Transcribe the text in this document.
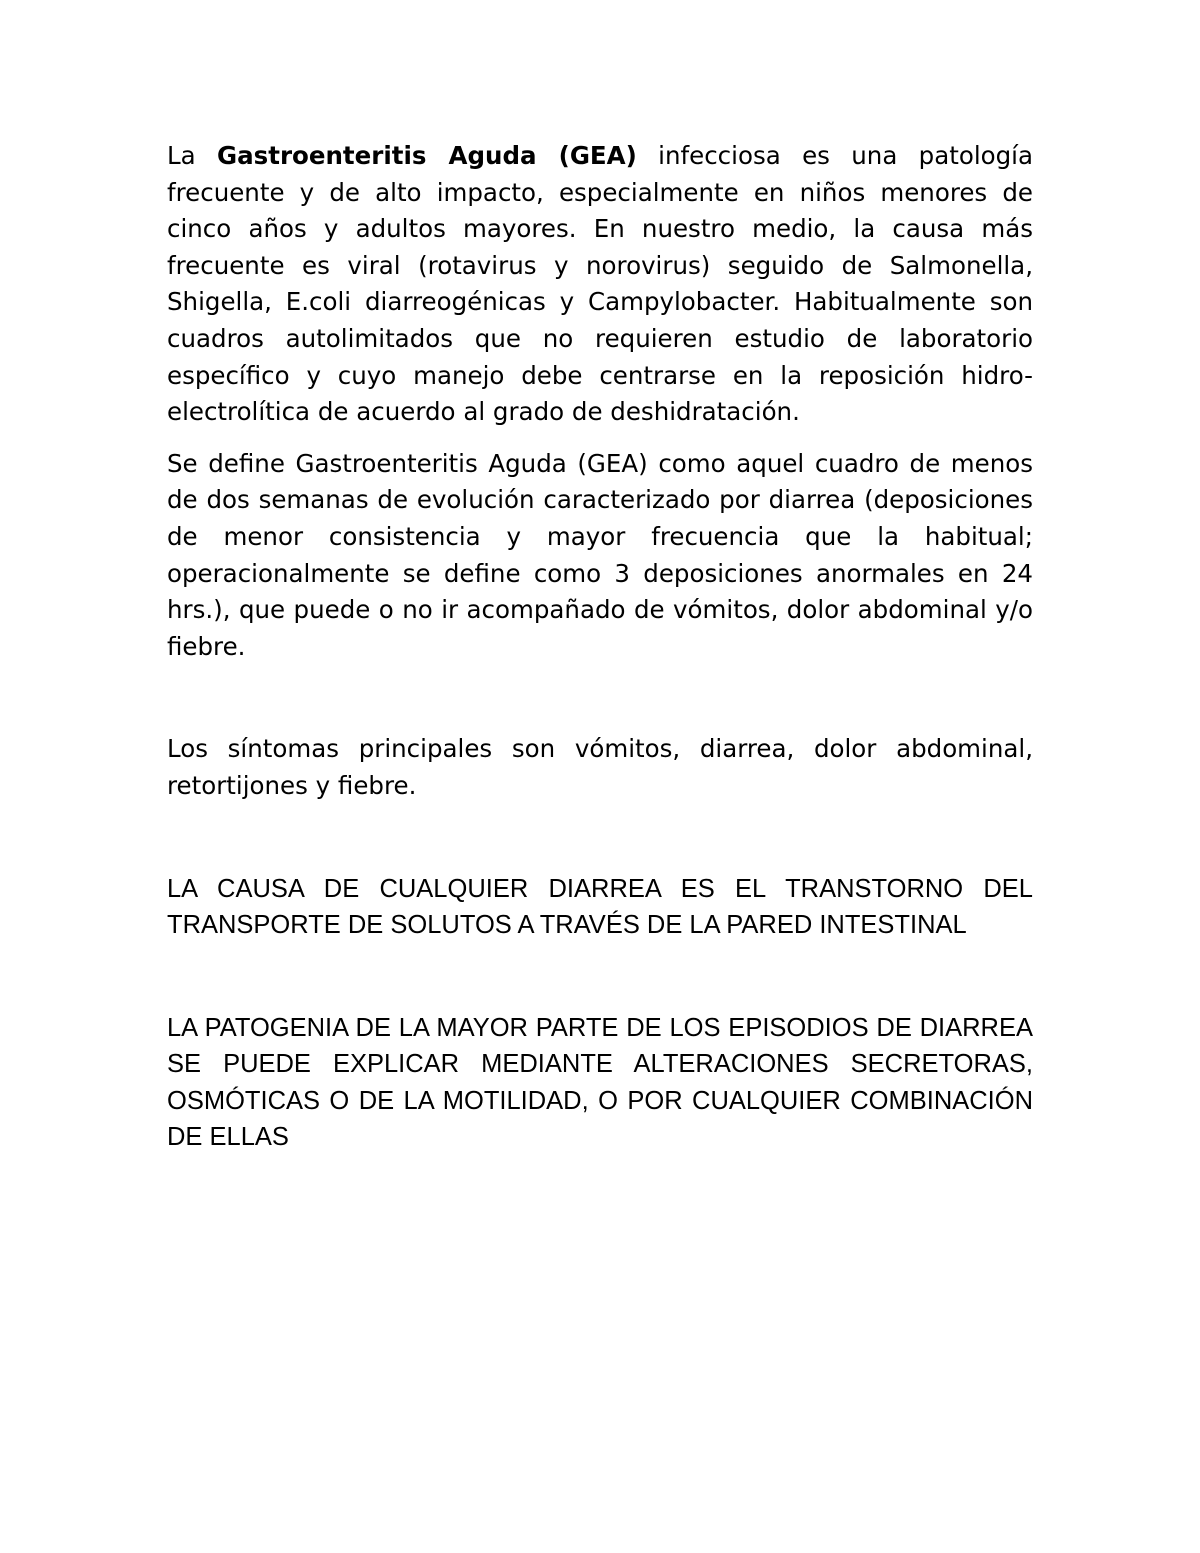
La Gastroenteritis Aguda (GEA) infecciosa es una patología frecuente y de alto impacto, especialmente en niños menores de cinco años y adultos mayores. En nuestro medio, la causa más frecuente es viral (rotavirus y norovirus) seguido de Salmonella, Shigella, E.coli diarreogénicas y Campylobacter. Habitualmente son cuadros autolimitados que no requieren estudio de laboratorio específico y cuyo manejo debe centrarse en la reposición hidro-electrolítica de acuerdo al grado de deshidratación.

Se define Gastroenteritis Aguda (GEA) como aquel cuadro de menos de dos semanas de evolución caracterizado por diarrea (deposiciones de menor consistencia y mayor frecuencia que la habitual; operacionalmente se define como 3 deposiciones anormales en 24 hrs.), que puede o no ir acompañado de vómitos, dolor abdominal y/o fiebre.

Los síntomas principales son vómitos, diarrea, dolor abdominal, retortijones y fiebre.

LA CAUSA DE CUALQUIER DIARREA ES EL TRANSTORNO DEL TRANSPORTE DE SOLUTOS A TRAVÉS DE LA PARED INTESTINAL

LA PATOGENIA DE LA MAYOR PARTE DE LOS EPISODIOS DE DIARREA SE PUEDE EXPLICAR MEDIANTE ALTERACIONES SECRETORAS, OSMÓTICAS O DE LA MOTILIDAD, O POR CUALQUIER COMBINACIÓN DE ELLAS
